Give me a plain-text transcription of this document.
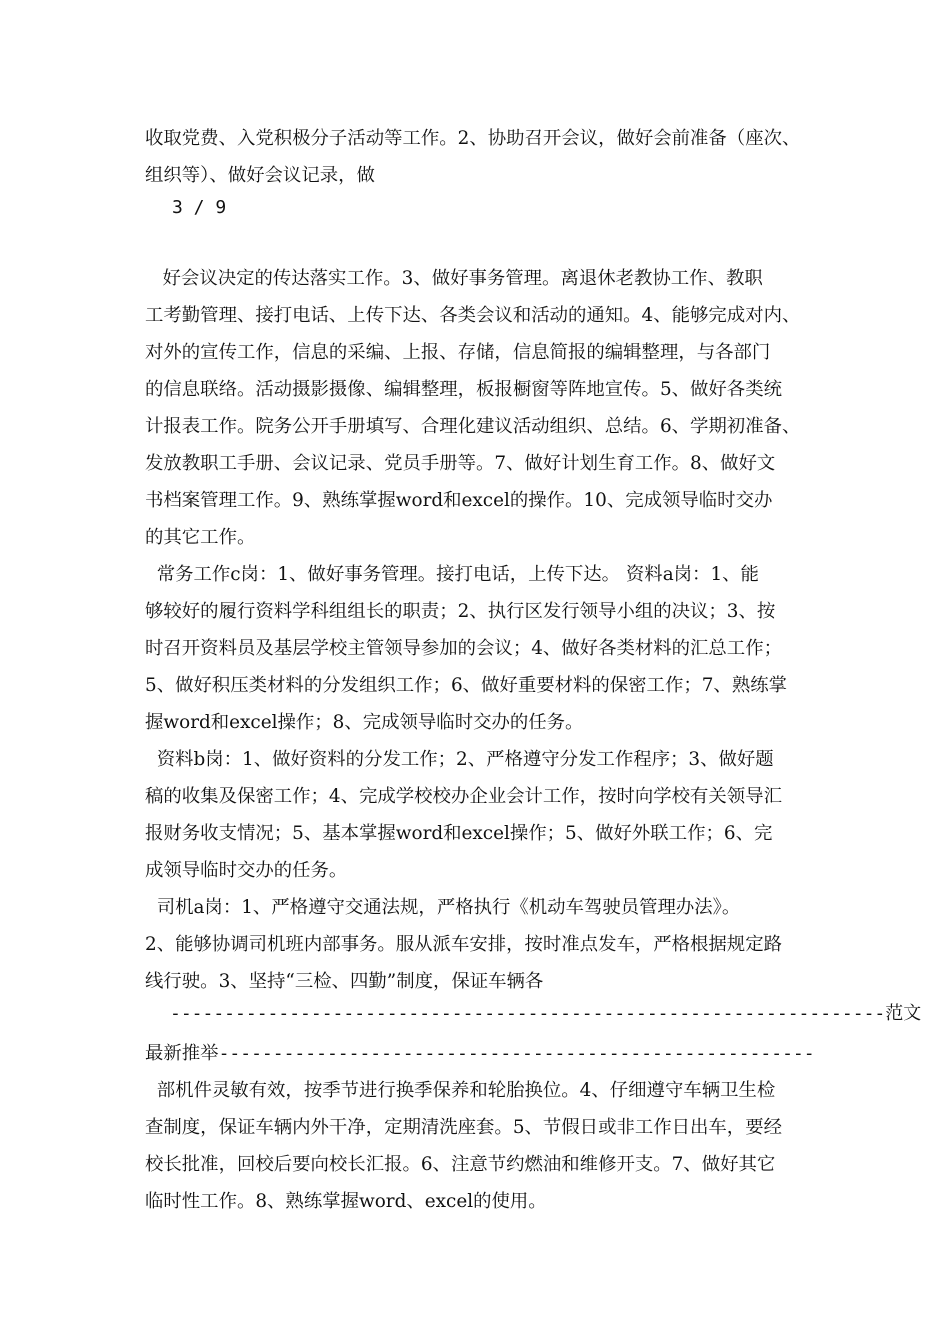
收取党费、入党积极分子活动等工作。2、协助召开会议，做好会前准备（座次、
组织等）、做好会议记录，做
3 / 9
好会议决定的传达落实工作。3、做好事务管理。离退休老教协工作、教职
工考勤管理、接打电话、上传下达、各类会议和活动的通知。4、能够完成对内、
对外的宣传工作，信息的采编、上报、存储，信息简报的编辑整理，与各部门
的信息联络。活动摄影摄像、编辑整理，板报橱窗等阵地宣传。5、做好各类统
计报表工作。院务公开手册填写、合理化建议活动组织、总结。6、学期初准备、
发放教职工手册、会议记录、党员手册等。7、做好计划生育工作。8、做好文
书档案管理工作。9、熟练掌握word和excel的操作。10、完成领导临时交办
的其它工作。
常务工作c岗：1、做好事务管理。接打电话，上传下达。 资料a岗：1、能
够较好的履行资料学科组组长的职责；2、执行区发行领导小组的决议；3、按
时召开资料员及基层学校主管领导参加的会议；4、做好各类材料的汇总工作；
5、做好积压类材料的分发组织工作；6、做好重要材料的保密工作；7、熟练掌
握word和excel操作；8、完成领导临时交办的任务。
资料b岗：1、做好资料的分发工作；2、严格遵守分发工作程序；3、做好题
稿的收集及保密工作；4、完成学校校办企业会计工作，按时向学校有关领导汇
报财务收支情况；5、基本掌握word和excel操作；5、做好外联工作；6、完
成领导临时交办的任务。
司机a岗：1、严格遵守交通法规，严格执行《机动车驾驶员管理办法》。
2、能够协调司机班内部事务。服从派车安排，按时准点发车，严格根据规定路
线行驶。3、坚持“三检、四勤”制度，保证车辆各
------------------------------------------------------------------范文
最新推举-------------------------------------------------------
部机件灵敏有效，按季节进行换季保养和轮胎换位。4、仔细遵守车辆卫生检
查制度，保证车辆内外干净，定期清洗座套。5、节假日或非工作日出车，要经
校长批准，回校后要向校长汇报。6、注意节约燃油和维修开支。7、做好其它
临时性工作。8、熟练掌握word、excel的使用。
